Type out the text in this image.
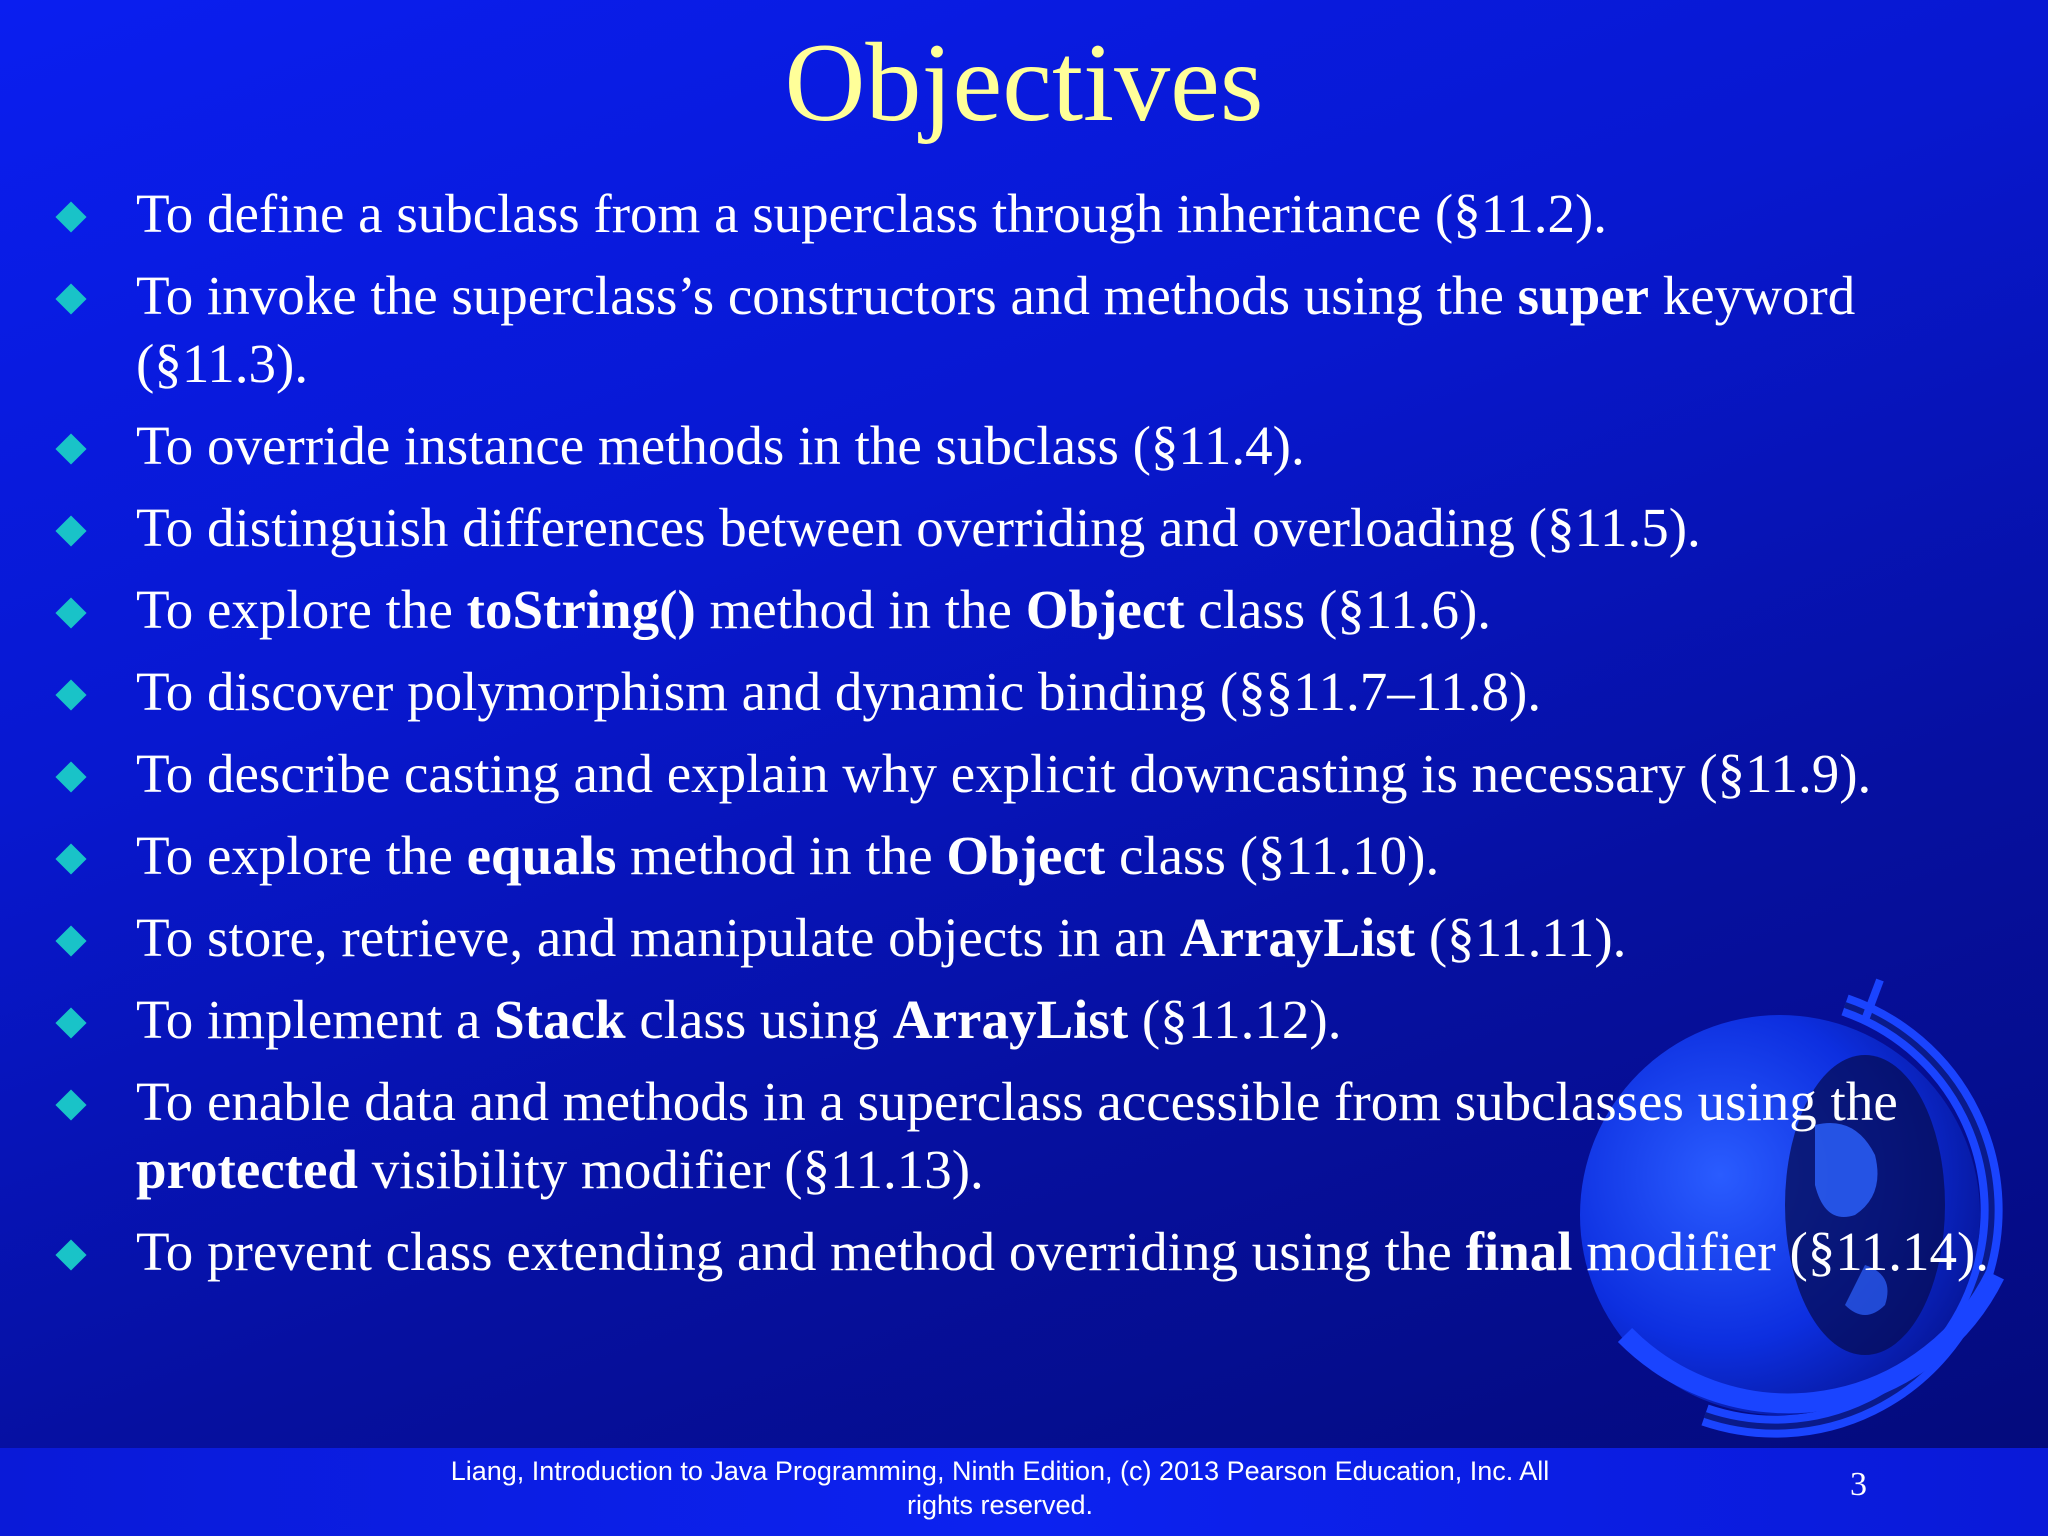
Objectives
To define a subclass from a superclass through inheritance (§11.2).
To invoke the superclass’s constructors and methods using the super keyword (§11.3).
To override instance methods in the subclass (§11.4).
To distinguish differences between overriding and overloading (§11.5).
To explore the toString() method in the Object class (§11.6).
To discover polymorphism and dynamic binding (§§11.7–11.8).
To describe casting and explain why explicit downcasting is necessary (§11.9).
To explore the equals method in the Object class (§11.10).
To store, retrieve, and manipulate objects in an ArrayList (§11.11).
To implement a Stack class using ArrayList (§11.12).
To enable data and methods in a superclass accessible from subclasses using the protected visibility modifier (§11.13).
To prevent class extending and method overriding using the final modifier (§11.14).
Liang, Introduction to Java Programming, Ninth Edition, (c) 2013 Pearson Education, Inc. All
rights reserved.
3
